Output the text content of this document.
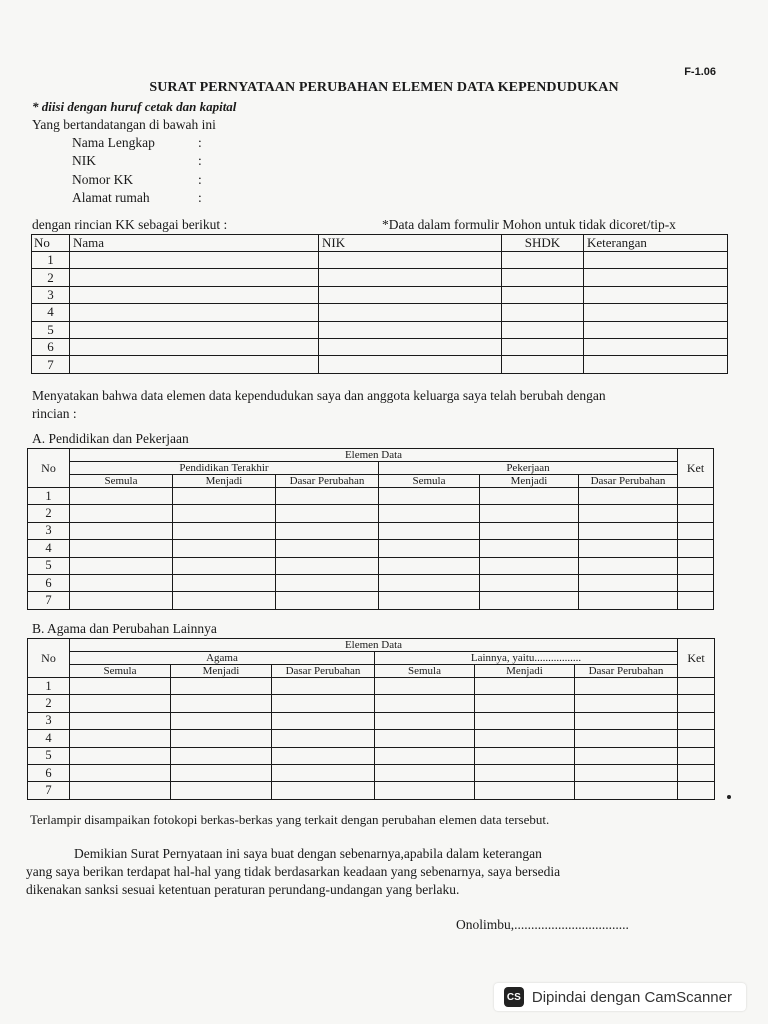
F-1.06
SURAT PERNYATAAN PERUBAHAN ELEMEN DATA KEPENDUDUKAN
* diisi dengan huruf cetak dan kapital
Yang bertandatangan di bawah ini
Nama Lengkap	:
NIK	:
Nomor KK	:
Alamat rumah	:
dengan rincian KK sebagai berikut :	*Data dalam formulir Mohon untuk tidak dicoret/tip-x
No	Nama	NIK	SHDK	Keterangan
1				
2				
3				
4				
5				
6				
7				
Menyatakan bahwa data elemen data kependudukan saya dan anggota keluarga saya telah berubah dengan
rincian :
A. Pendidikan dan Pekerjaan
No	Elemen Data						Ket
	Pendidikan Terakhir			Pekerjaan			
	Semula	Menjadi	Dasar Perubahan	Semula	Menjadi	Dasar Perubahan	
1							
2							
3							
4							
5							
6							
7							
B. Agama dan Perubahan Lainnya
No	Elemen Data						Ket
	Agama			Lainnya, yaitu.................			
	Semula	Menjadi	Dasar Perubahan	Semula	Menjadi	Dasar Perubahan	
1							
2							
3							
4							
5							
6							
7							
Terlampir disampaikan fotokopi berkas-berkas yang terkait dengan perubahan elemen data tersebut.
Demikian Surat Pernyataan ini saya buat dengan sebenarnya,apabila dalam keterangan
yang saya berikan terdapat hal-hal yang tidak berdasarkan keadaan yang sebenarnya, saya bersedia
dikenakan sanksi sesuai ketentuan peraturan perundang-undangan yang berlaku.
Onolimbu,..................................
CS Dipindai dengan CamScanner
